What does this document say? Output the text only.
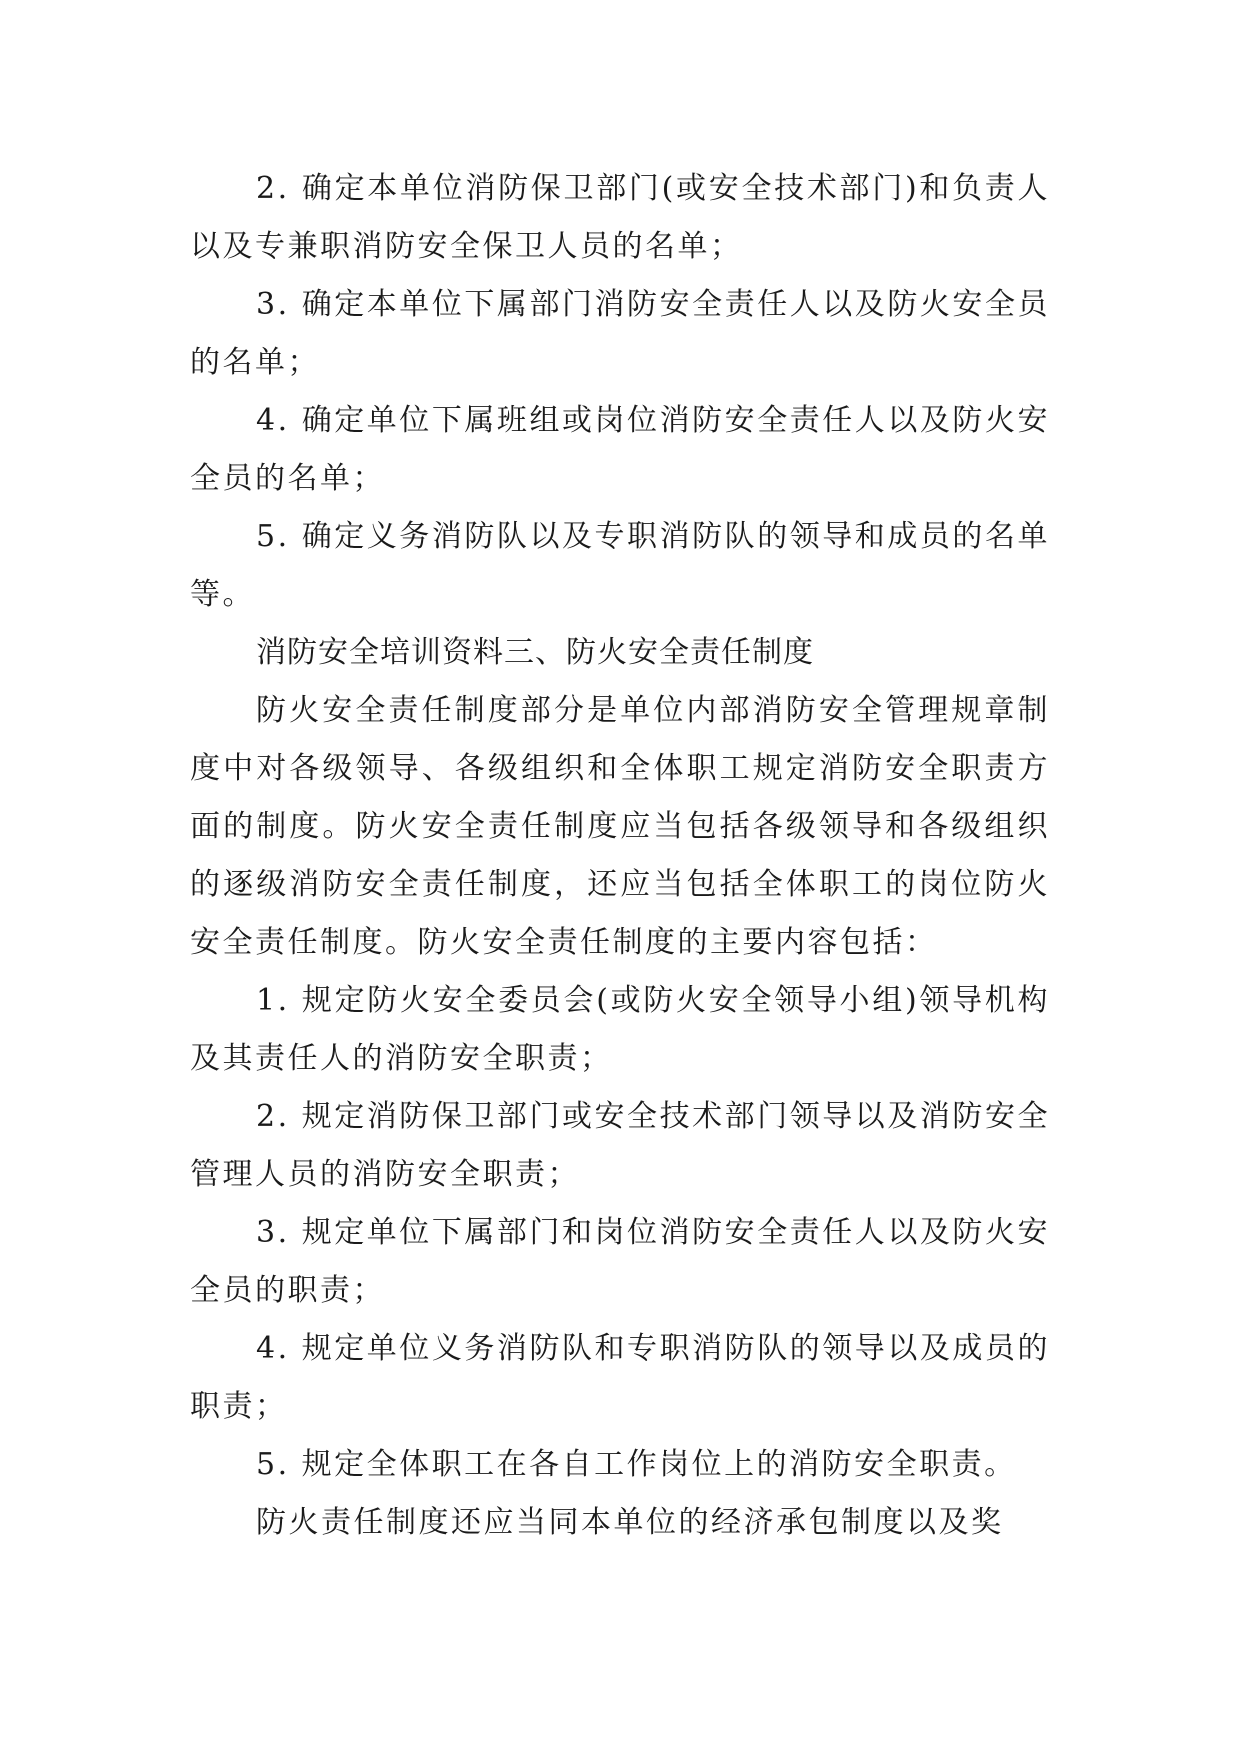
2. 确定本单位消防保卫部门(或安全技术部门)和负责人以及专兼职消防安全保卫人员的名单；

3. 确定本单位下属部门消防安全责任人以及防火安全员的名单；

4. 确定单位下属班组或岗位消防安全责任人以及防火安全员的名单；

5. 确定义务消防队以及专职消防队的领导和成员的名单等。

消防安全培训资料三、防火安全责任制度

防火安全责任制度部分是单位内部消防安全管理规章制度中对各级领导、各级组织和全体职工规定消防安全职责方面的制度。防火安全责任制度应当包括各级领导和各级组织的逐级消防安全责任制度，还应当包括全体职工的岗位防火安全责任制度。防火安全责任制度的主要内容包括：

1. 规定防火安全委员会(或防火安全领导小组)领导机构及其责任人的消防安全职责；

2. 规定消防保卫部门或安全技术部门领导以及消防安全管理人员的消防安全职责；

3. 规定单位下属部门和岗位消防安全责任人以及防火安全员的职责；

4. 规定单位义务消防队和专职消防队的领导以及成员的职责；

5. 规定全体职工在各自工作岗位上的消防安全职责。

防火责任制度还应当同本单位的经济承包制度以及奖
